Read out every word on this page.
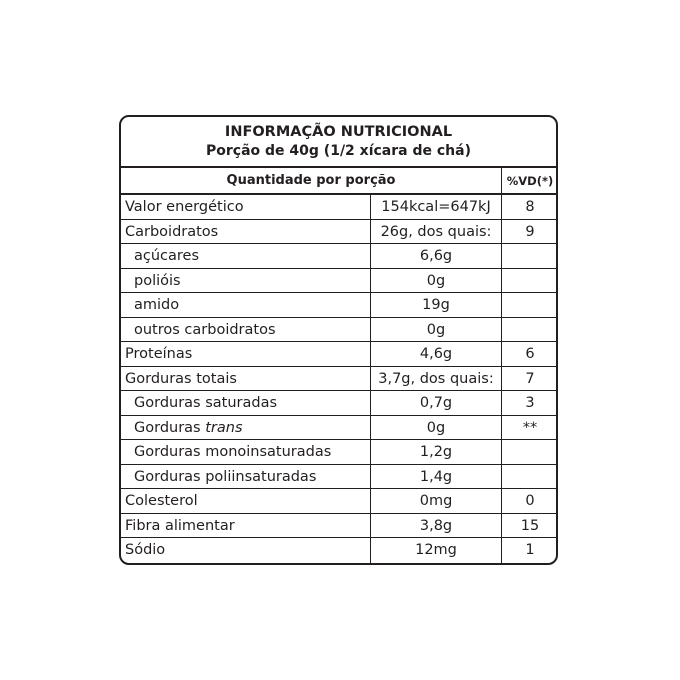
INFORMAÇÃO NUTRICIONAL
Porção de 40g (1/2 xícara de chá)
Quantidade por porção	%VD(*)
Valor energético	154kcal=647kJ	8
Carboidratos	26g, dos quais:	9
açúcares	6,6g
polióis	0g
amido	19g
outros carboidratos	0g
Proteínas	4,6g	6
Gorduras totais	3,7g, dos quais:	7
Gorduras saturadas	0,7g	3
Gorduras trans	0g	**
Gorduras monoinsaturadas	1,2g
Gorduras poliinsaturadas	1,4g
Colesterol	0mg	0
Fibra alimentar	3,8g	15
Sódio	12mg	1
